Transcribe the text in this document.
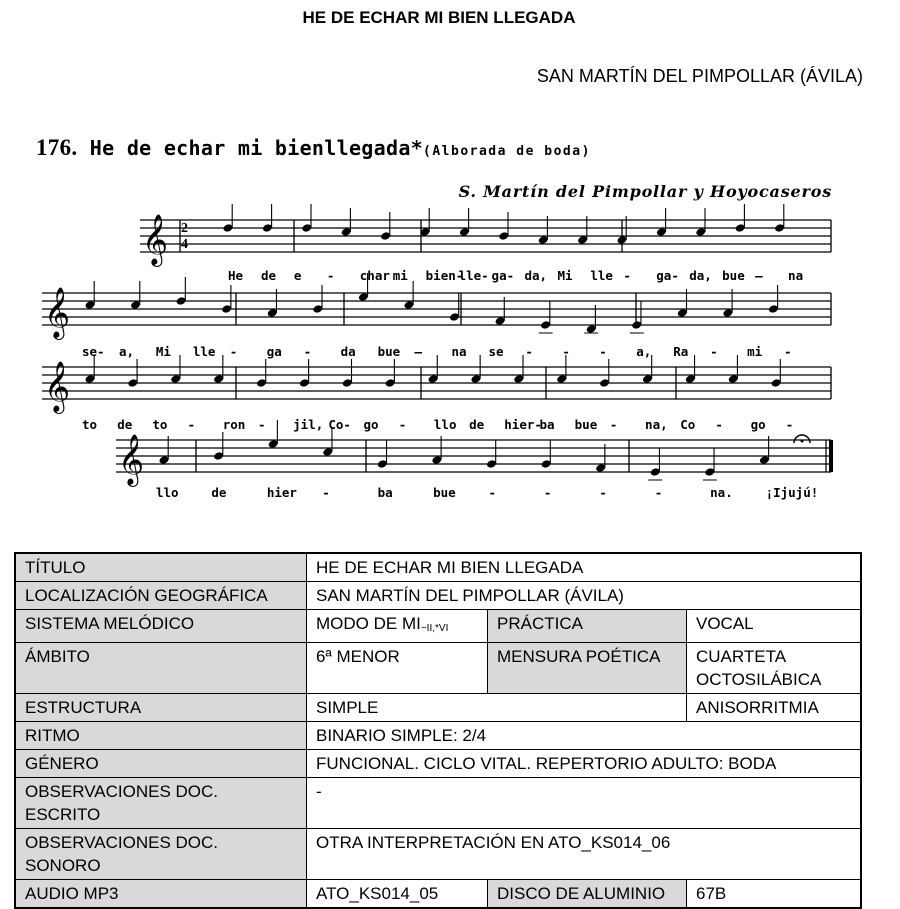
HE DE ECHAR MI BIEN LLEGADA
SAN MARTÍN DEL PIMPOLLAR (ÁVILA)
176. He de echar mi bienllegada*(Alborada de boda)
S. Martín del Pimpollar y Hoyocaseros
𝄞
He de e - char mi bien-
lle- ga- da, Mi lle - ga- da, bue – na
𝄞
se- a, Mi lle - ga - da bue – na se - - - a, Ra - mi -
𝄞
to de to - ron - jil, Co- go - llo de hier-
ba bue - na, Co - go -
𝄞
llo	de	hier -	ba	bue	-	-	-	-	na.	¡Ijujú!
2
4
TÍTULO	HE DE ECHAR MI BIEN LLEGADA		
LOCALIZACIÓN GEOGRÁFICA	SAN MARTÍN DEL PIMPOLLAR (ÁVILA)		
SISTEMA MELÓDICO	MODO DE MI~II,*VI	PRÁCTICA	VOCAL
ÁMBITO	6ª MENOR	MENSURA POÉTICA	CUARTETA OCTOSILÁBICA
ESTRUCTURA	SIMPLE		ANISORRITMIA
RITMO	BINARIO SIMPLE: 2/4		
GÉNERO	FUNCIONAL. CICLO VITAL. REPERTORIO ADULTO: BODA		
OBSERVACIONES DOC. ESCRITO	-		
OBSERVACIONES DOC. SONORO	OTRA INTERPRETACIÓN EN ATO_KS014_06		
AUDIO MP3	ATO_KS014_05	DISCO DE ALUMINIO	67B
